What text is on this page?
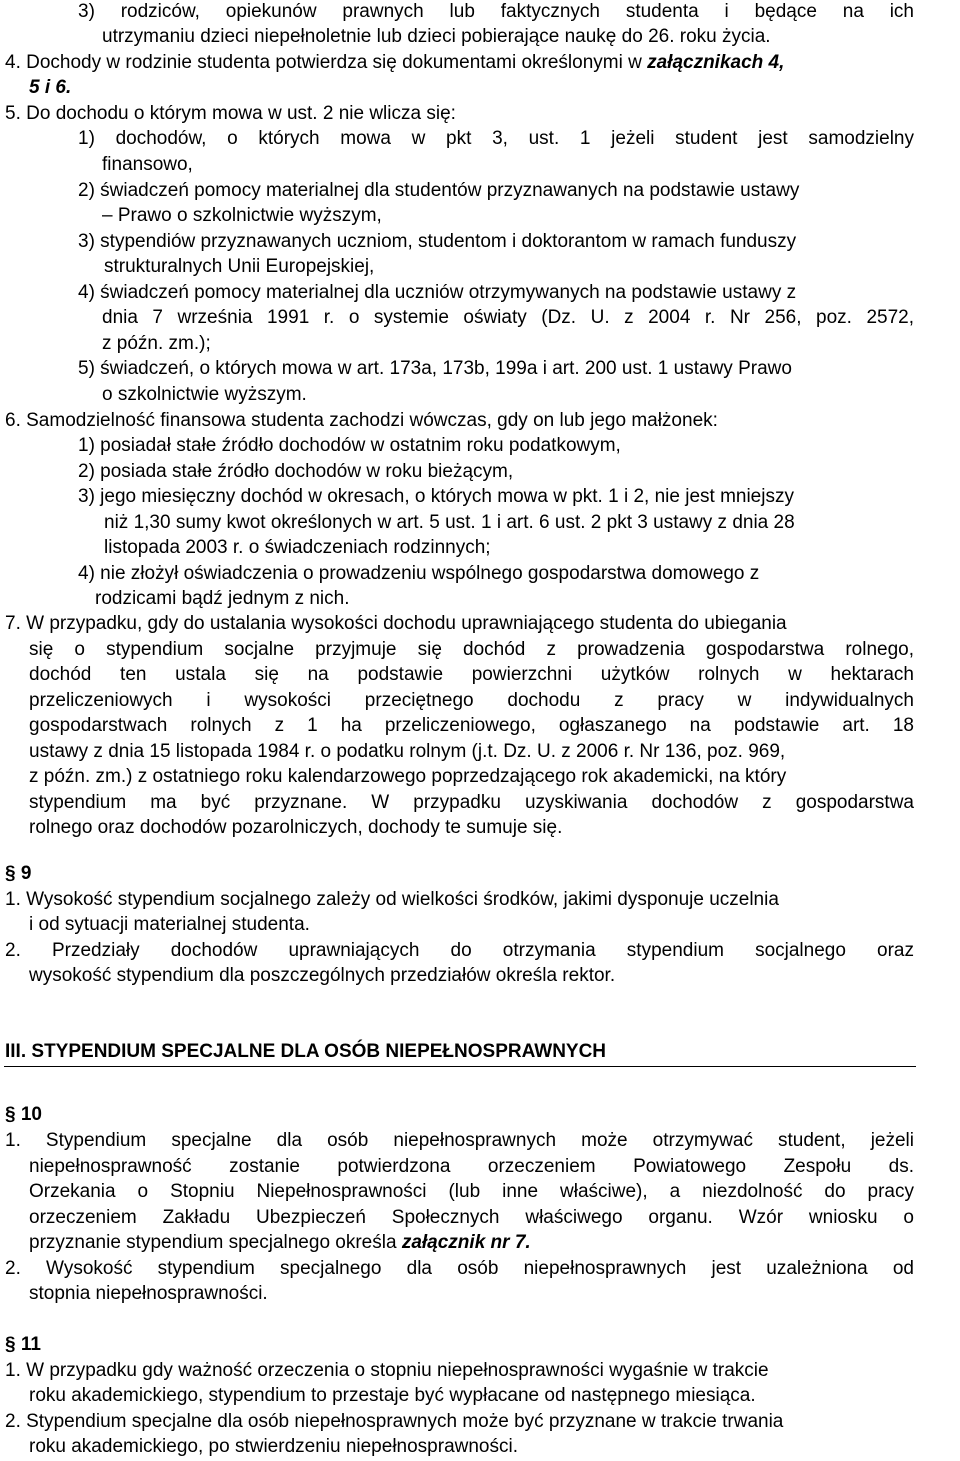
3) rodziców, opiekunów prawnych lub faktycznych studenta i będące na ich
utrzymaniu dzieci niepełnoletnie lub dzieci pobierające naukę do 26. roku życia.
4. Dochody w rodzinie studenta potwierdza się dokumentami określonymi w załącznikach 4,
5 i 6.
5. Do dochodu o którym mowa w ust. 2 nie wlicza się:
1) dochodów, o których mowa w pkt 3, ust. 1 jeżeli student jest samodzielny
finansowo,
2) świadczeń pomocy materialnej dla studentów przyznawanych na podstawie ustawy
– Prawo o szkolnictwie wyższym,
3) stypendiów przyznawanych uczniom, studentom i doktorantom w ramach funduszy
strukturalnych Unii Europejskiej,
4) świadczeń pomocy materialnej dla uczniów otrzymywanych na podstawie ustawy z
dnia 7 września 1991 r. o systemie oświaty (Dz. U. z 2004 r. Nr 256, poz. 2572,
z późn. zm.);
5) świadczeń, o których mowa w art. 173a, 173b, 199a i art. 200 ust. 1 ustawy Prawo
o szkolnictwie wyższym.
6. Samodzielność finansowa studenta zachodzi wówczas, gdy on lub jego małżonek:
1) posiadał stałe źródło dochodów w ostatnim roku podatkowym,
2) posiada stałe źródło dochodów w roku bieżącym,
3) jego miesięczny dochód w okresach, o których mowa w pkt. 1 i 2, nie jest mniejszy
niż 1,30 sumy kwot określonych w art. 5 ust. 1 i art. 6 ust. 2 pkt 3 ustawy z dnia 28
listopada 2003 r. o świadczeniach rodzinnych;
4) nie złożył oświadczenia o prowadzeniu wspólnego gospodarstwa domowego z
rodzicami bądź jednym z nich.
7. W przypadku, gdy do ustalania wysokości dochodu uprawniającego studenta do ubiegania
się o stypendium socjalne przyjmuje się dochód z prowadzenia gospodarstwa rolnego,
dochód ten ustala się na podstawie powierzchni użytków rolnych w hektarach
przeliczeniowych i wysokości przeciętnego dochodu z pracy w indywidualnych
gospodarstwach rolnych z 1 ha przeliczeniowego, ogłaszanego na podstawie art. 18
ustawy z dnia 15 listopada 1984 r. o podatku rolnym (j.t. Dz. U. z 2006 r. Nr 136, poz. 969,
z późn. zm.) z ostatniego roku kalendarzowego poprzedzającego rok akademicki, na który
stypendium ma być przyznane. W przypadku uzyskiwania dochodów z gospodarstwa
rolnego oraz dochodów pozarolniczych, dochody te sumuje się.
§ 9
1. Wysokość stypendium socjalnego zależy od wielkości środków, jakimi dysponuje uczelnia
i od sytuacji materialnej studenta.
2. Przedziały dochodów uprawniających do otrzymania stypendium socjalnego oraz
wysokość stypendium dla poszczególnych przedziałów określa rektor.
III. STYPENDIUM SPECJALNE DLA OSÓB NIEPEŁNOSPRAWNYCH
§ 10
1. Stypendium specjalne dla osób niepełnosprawnych może otrzymywać student, jeżeli
niepełnosprawność zostanie potwierdzona orzeczeniem Powiatowego Zespołu ds.
Orzekania o Stopniu Niepełnosprawności (lub inne właściwe), a niezdolność do pracy
orzeczeniem Zakładu Ubezpieczeń Społecznych właściwego organu. Wzór wniosku o
przyznanie stypendium specjalnego określa załącznik nr 7.
2. Wysokość stypendium specjalnego dla osób niepełnosprawnych jest uzależniona od
stopnia niepełnosprawności.
§ 11
1. W przypadku gdy ważność orzeczenia o stopniu niepełnosprawności wygaśnie w trakcie
roku akademickiego, stypendium to przestaje być wypłacane od następnego miesiąca.
2. Stypendium specjalne dla osób niepełnosprawnych może być przyznane w trakcie trwania
roku akademickiego, po stwierdzeniu niepełnosprawności.
